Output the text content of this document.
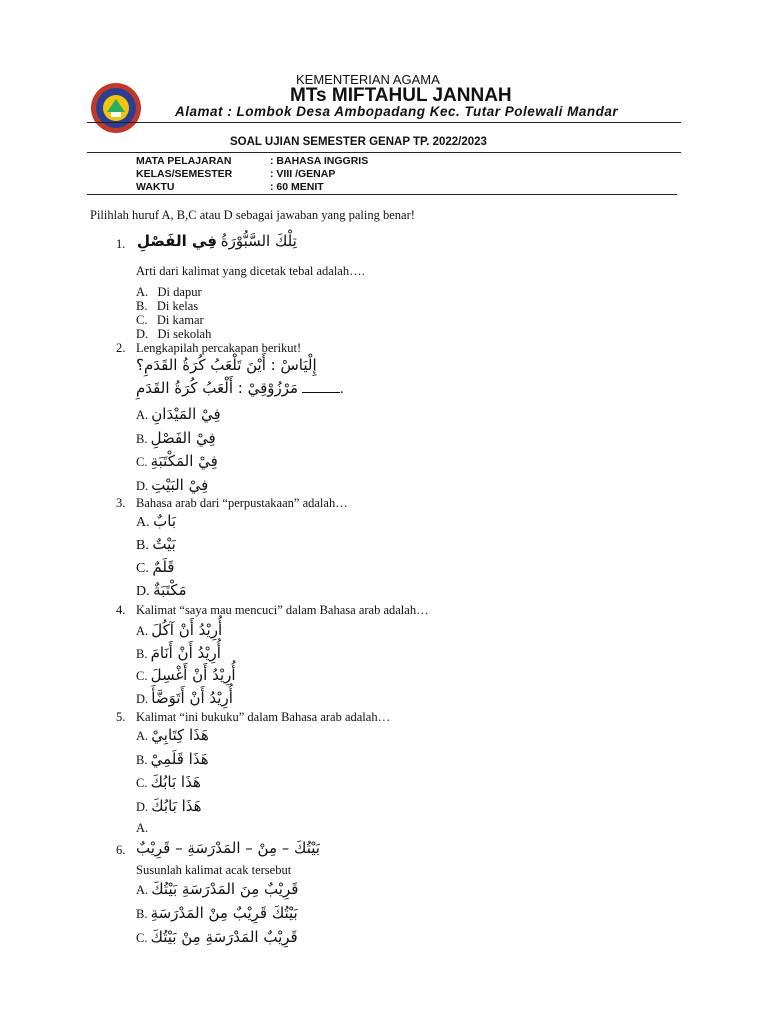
KEMENTERIAN AGAMA
MTs MIFTAHUL JANNAH
Alamat : Lombok Desa Ambopadang Kec. Tutar Polewali Mandar
SOAL UJIAN SEMESTER GENAP TP. 2022/2023
MATA PELAJARAN	: BAHASA INGGRIS
KELAS/SEMESTER	: VIII /GENAP
WAKTU	: 60 MENIT
Pilihlah huruf A, B,C atau D sebagai jawaban yang paling benar!
1.	تِلْكَ السَّبُّوْرَةُ فِي الفَصْلِ
Arti dari kalimat yang dicetak tebal adalah….
A.   Di dapur
B.   Di kelas
C.   Di kamar
D.   Di sekolah
2. Lengkapilah percakapan berikut!
إِلْيَاسْ : أَيْنَ تَلْعَبُ كُرَةُ القَدَمِ؟
مَرْزُوْقِيْ : أَلْعَبُ كُرَةُ القَدَمِ	.
A. فِيْ المَيْدَانِ
B. فِيْ الفَصْلِ
C. فِيْ المَكْتَبَةِ
D. فِيْ البَيْتِ
3. Bahasa arab dari “perpustakaan” adalah…
A. بَابٌ
B. بَيْتٌ
C. قَلَمٌ
D. مَكْتَبَةٌ
4. Kalimat “saya mau mencuci” dalam Bahasa arab adalah…
A. أُرِيْدُ أَنْ آكُلَ
B. أُرِيْدُ أَنْ أَنَامَ
C. أُرِيْدُ أَنْ أَغْسِلَ
D. أُرِيْدُ أَنْ أَتَوَضَّأَ
5. Kalimat “ini bukuku” dalam Bahasa arab adalah…
A. هَذَا كِتَابِيْ
B. هَذَا قَلَمِيْ
C. هَذَا بَابُكَ
D. هَذَا بَابُكَ
A.
6. بَيْتُكَ – مِنْ – المَدْرَسَةِ – قَرِيْبٌ
Susunlah kalimat acak tersebut
A. قَرِيْبٌ مِنَ المَدْرَسَةِ بَيْتُكَ
B. بَيْتُكَ قَرِيْبٌ مِنْ المَدْرَسَةِ
C. قَرِيْبٌ المَدْرَسَةِ مِنْ بَيْتُكَ
